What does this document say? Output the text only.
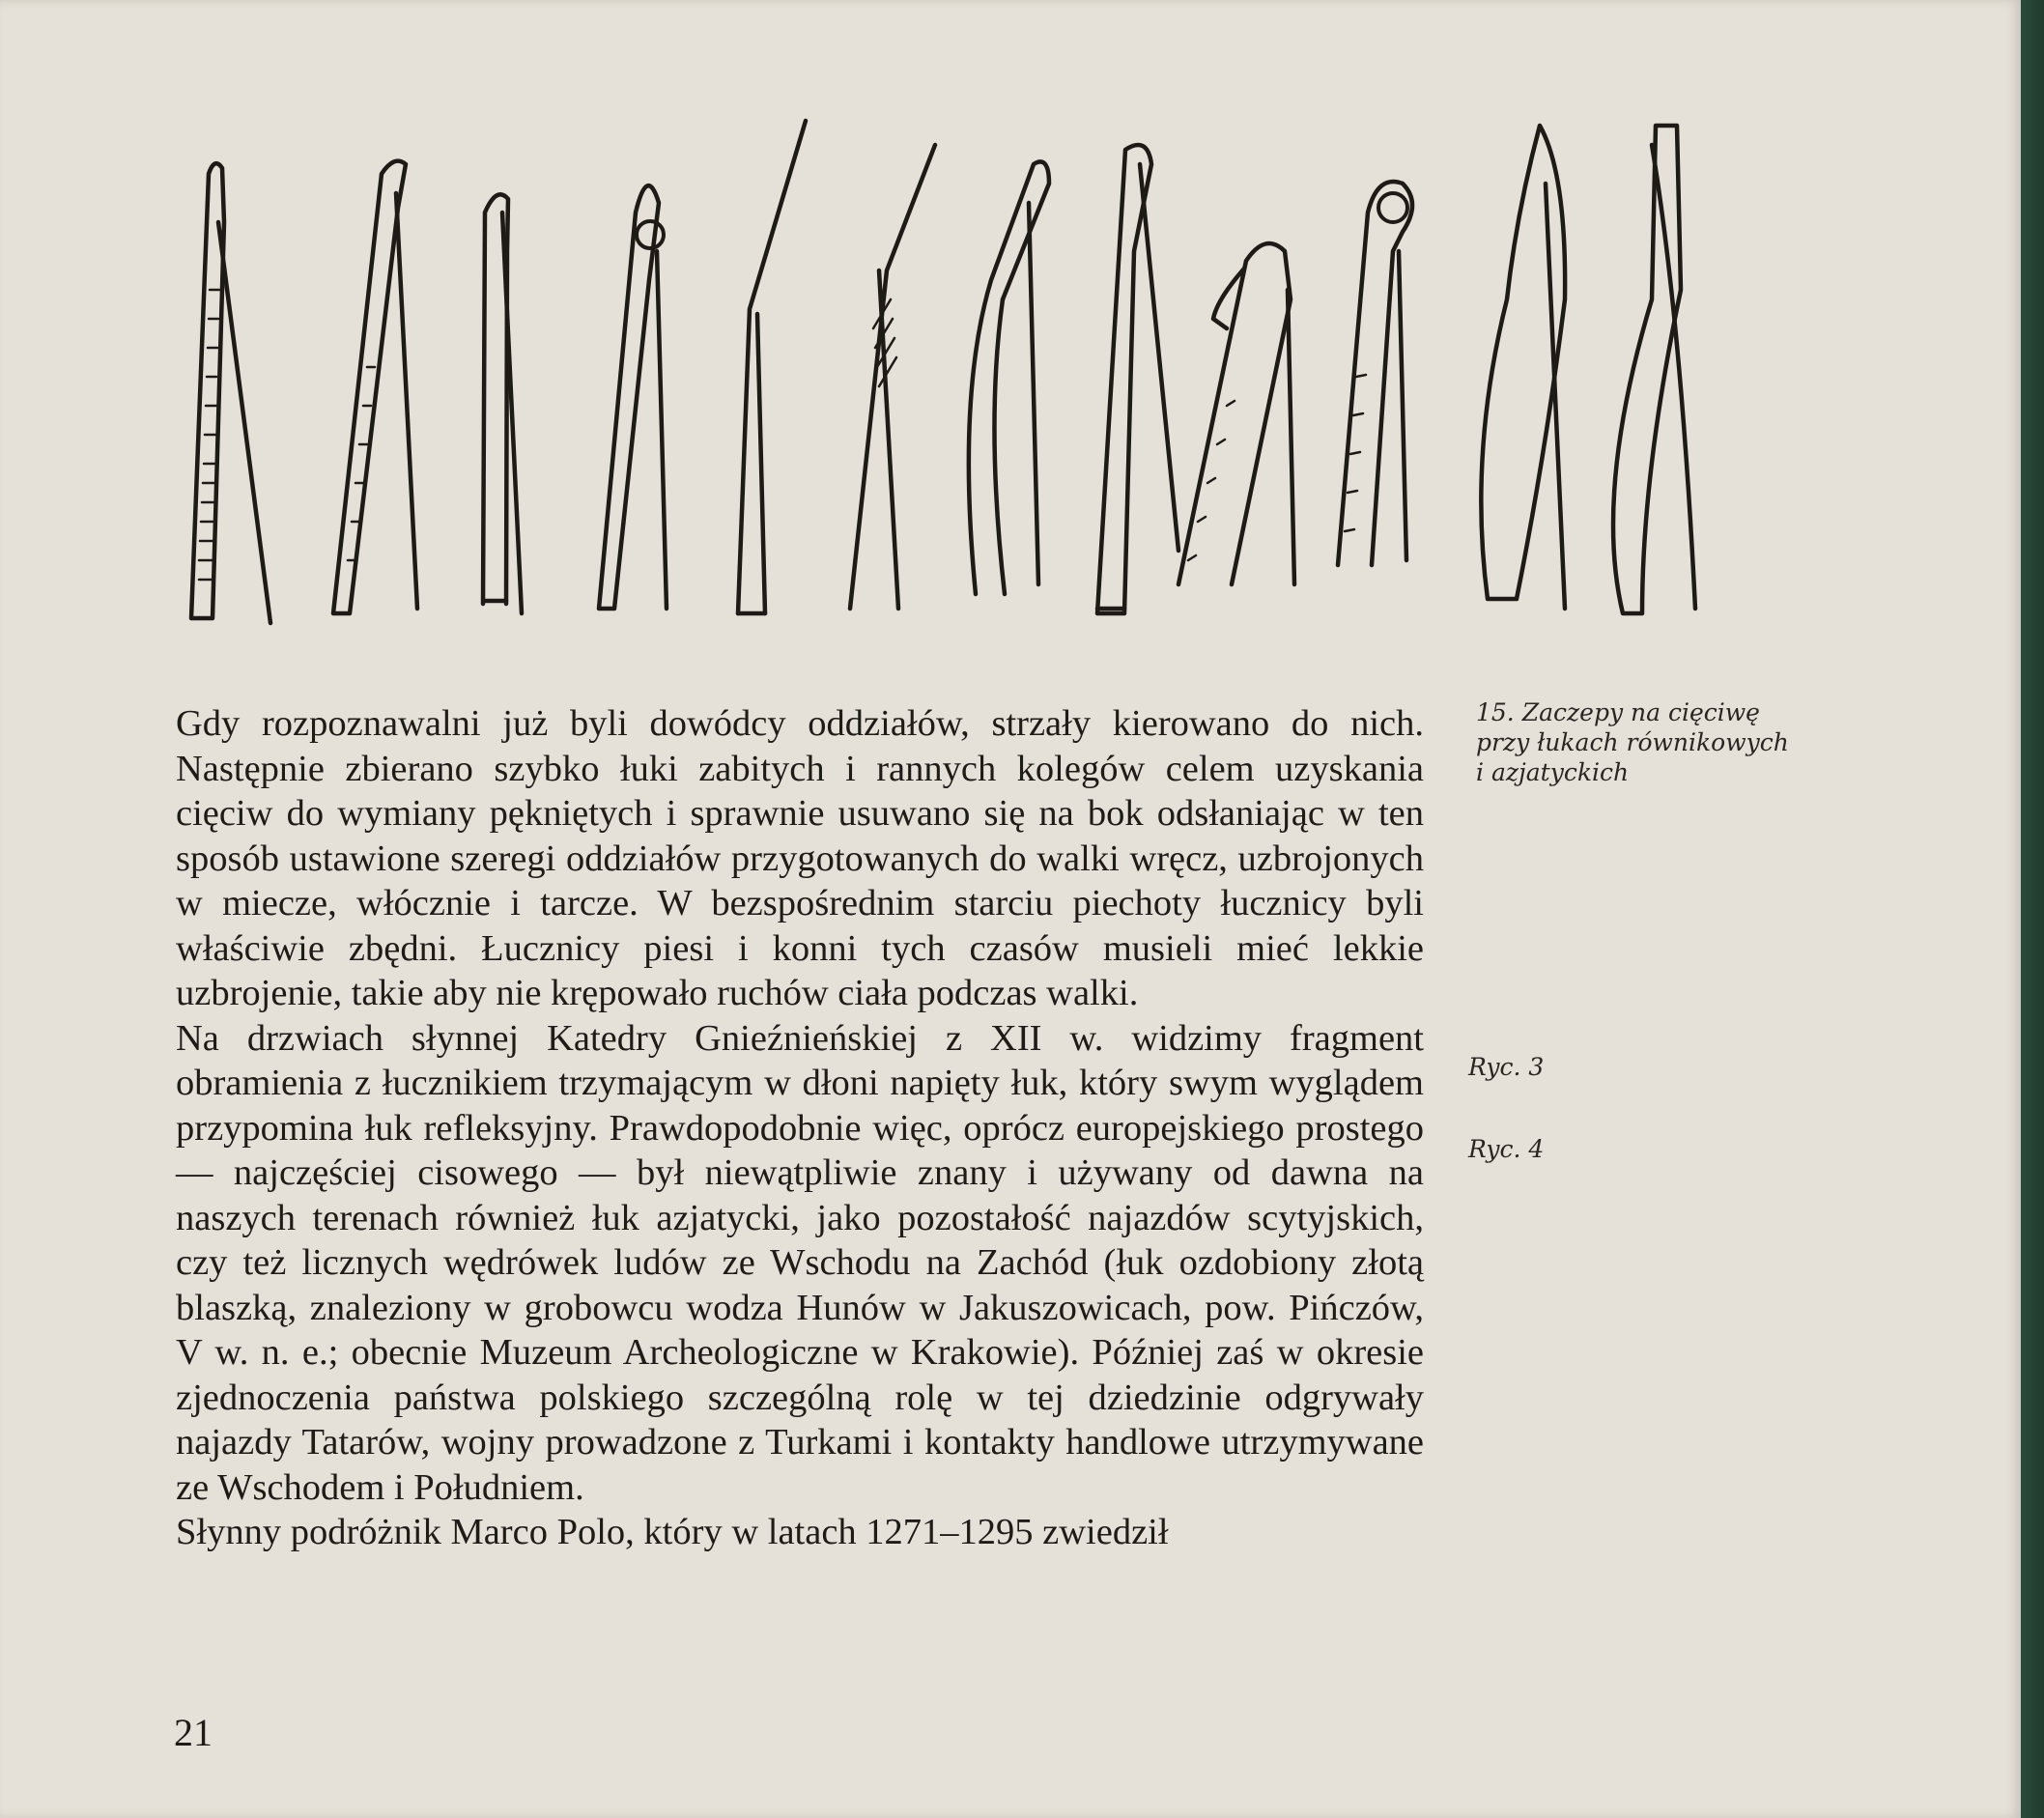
Gdy rozpoznawalni już byli dowódcy oddziałów, strzały kierowano do nich. Następnie zbierano szybko łuki zabitych i rannych kolegów celem uzyskania cięciw do wymiany pękniętych i sprawnie usuwano się na bok odsłaniając w ten sposób ustawione szeregi oddziałów przygotowanych do walki wręcz, uzbrojonych w miecze, włócznie i tarcze. W bezspośrednim starciu piechoty łucznicy byli właściwie zbędni. Łucznicy piesi i konni tych czasów musieli mieć lekkie uzbrojenie, takie aby nie krępowało ruchów ciała podczas walki.

Na drzwiach słynnej Katedry Gnieźnieńskiej z XII w. widzimy fragment obramienia z łucznikiem trzymającym w dłoni napięty łuk, który swym wyglądem przypomina łuk refleksyjny. Prawdopodobnie więc, oprócz europejskiego prostego — najczęściej cisowego — był niewątpliwie znany i używany od dawna na naszych terenach również łuk azjatycki, jako pozostałość najazdów scytyjskich, czy też licznych wędrówek ludów ze Wschodu na Zachód (łuk ozdobiony złotą blaszką, znaleziony w grobowcu wodza Hunów w Jakuszowicach, pow. Pińczów, V w. n. e.; obecnie Muzeum Archeologiczne w Krakowie). Później zaś w okresie zjednoczenia państwa polskiego szczególną rolę w tej dziedzinie odgrywały najazdy Tatarów, wojny prowadzone z Turkami i kontakty handlowe utrzymywane ze Wschodem i Południem.

Słynny podróżnik Marco Polo, który w latach 1271–1295 zwiedził

15. Zaczepy na cięciwę
przy łukach równikowych
i azjatyckich
Ryc. 3
Ryc. 4
21
